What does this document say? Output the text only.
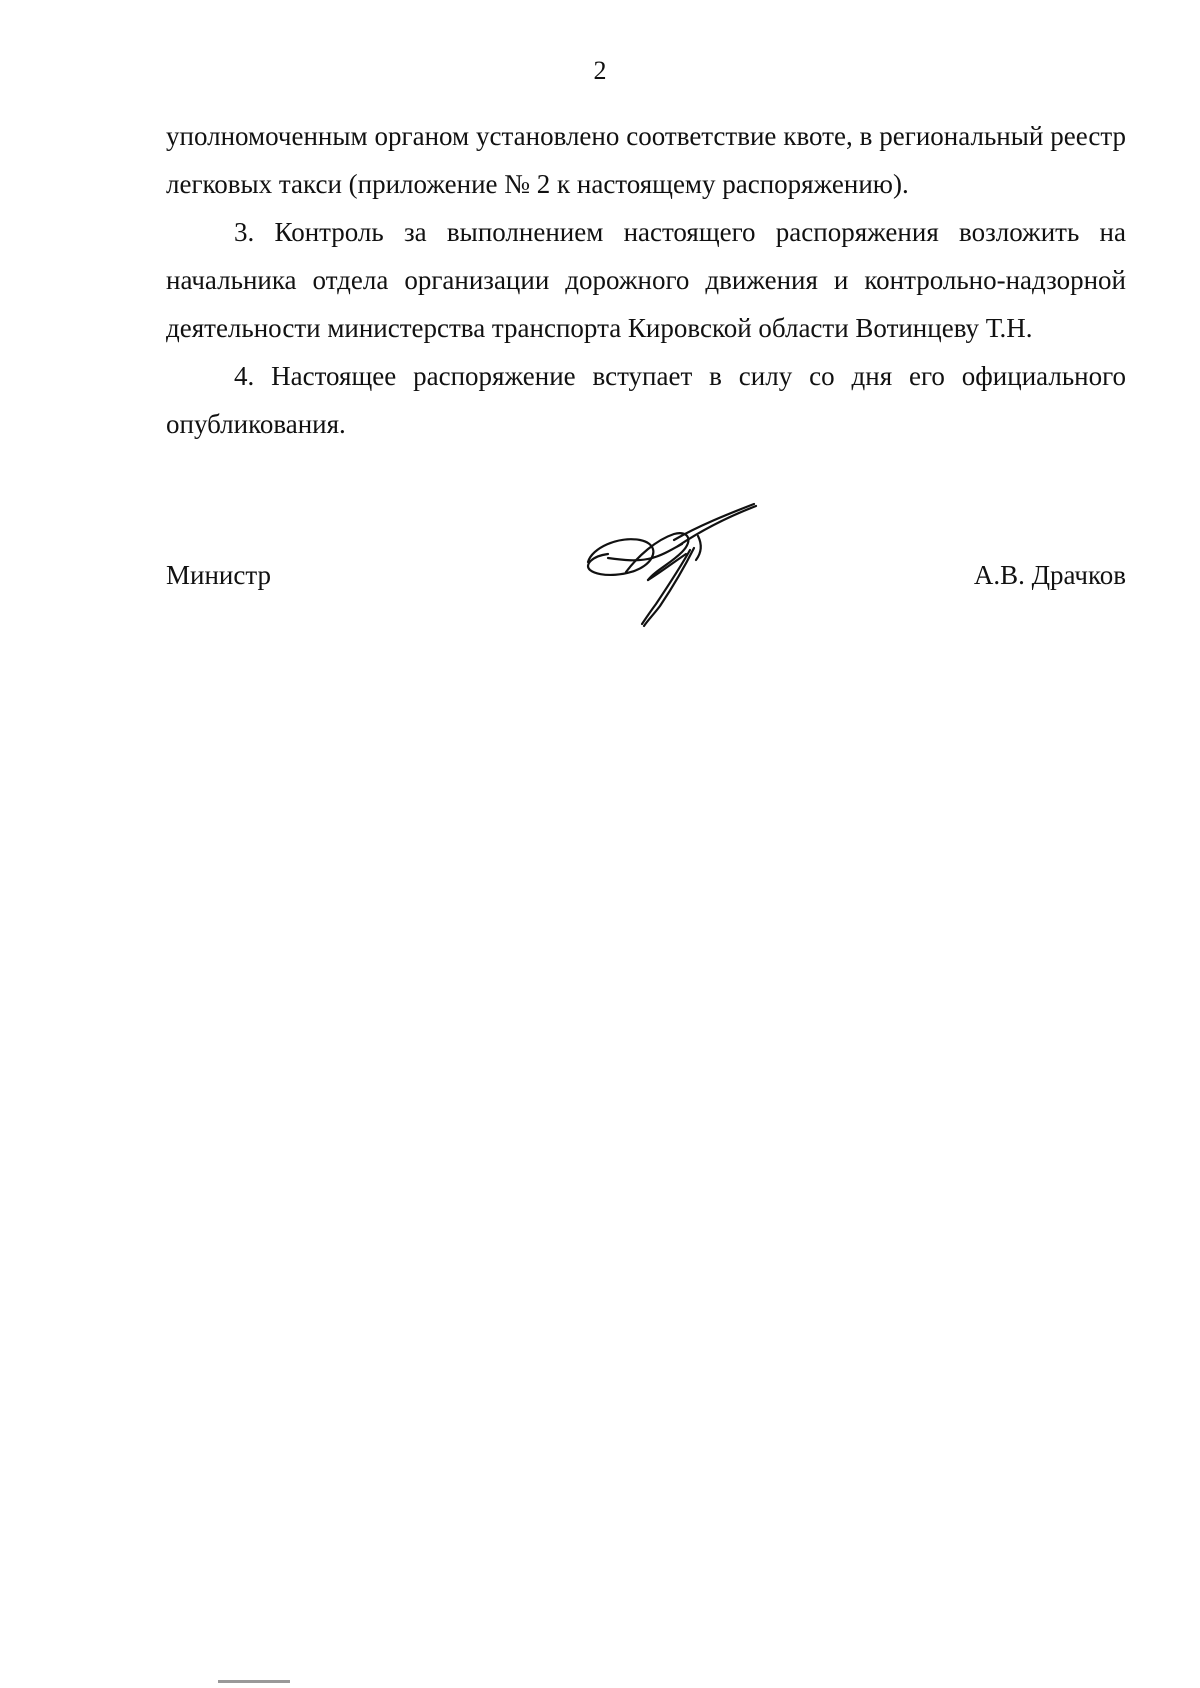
2

уполномоченным органом установлено соответствие квоте, в региональный реестр легковых такси (приложение № 2 к настоящему распоряжению).

3. Контроль за выполнением настоящего распоряжения возложить на начальника отдела организации дорожного движения и контрольно-надзорной деятельности министерства транспорта Кировской области Вотинцеву Т.Н.

4. Настоящее распоряжение вступает в силу со дня его официального опубликования.

Министр	А.В. Драчков
